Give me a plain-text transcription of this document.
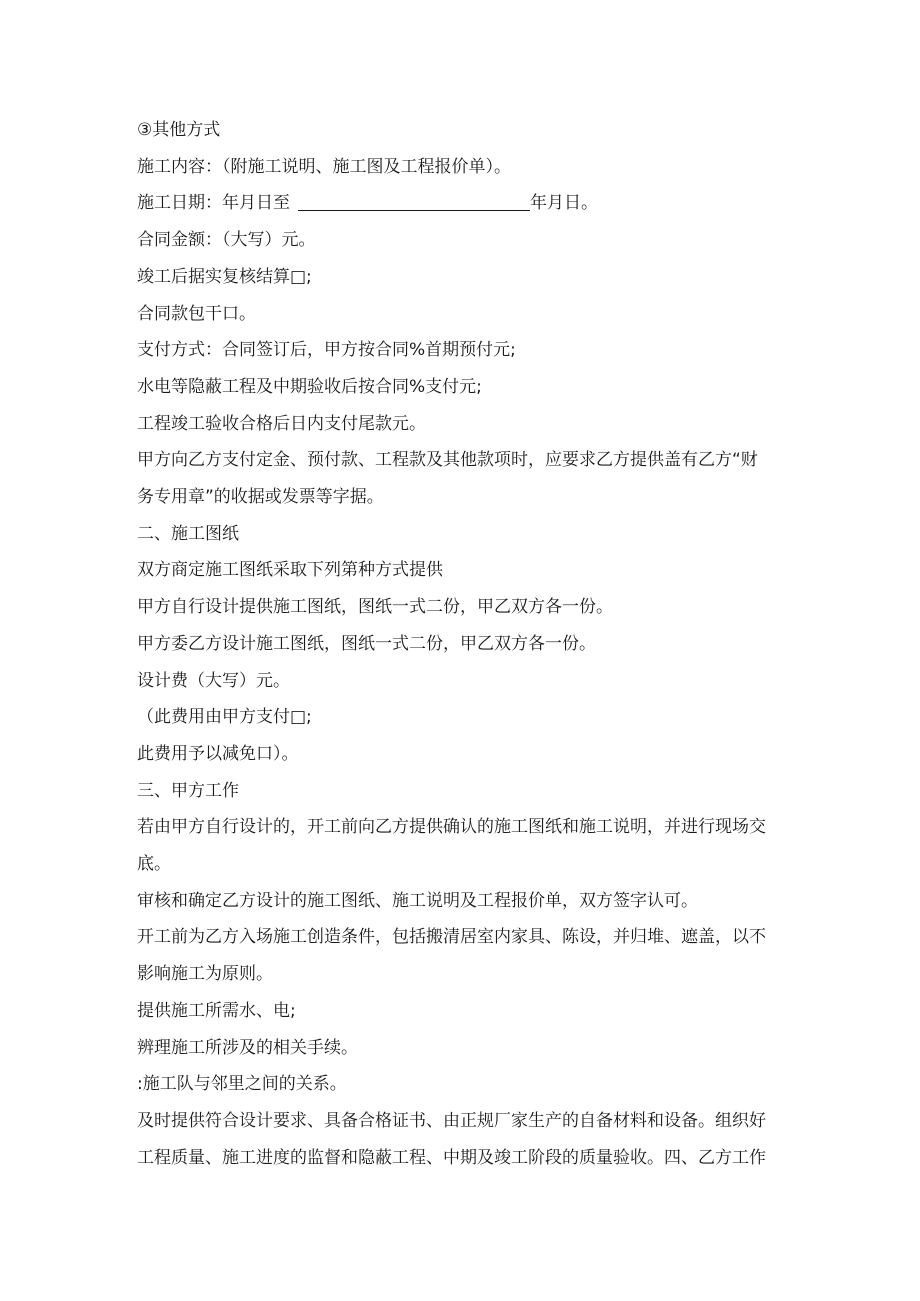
③其他方式
施工内容：（附施工说明、施工图及工程报价单）。
施工日期：年月日至	年月日。
合同金额：（大写）元。
竣工后据实复核结算□;
合同款包干口。
支付方式：合同签订后，甲方按合同%首期预付元;
水电等隐蔽工程及中期验收后按合同%支付元;
工程竣工验收合格后日内支付尾款元。
甲方向乙方支付定金、预付款、工程款及其他款项时，应要求乙方提供盖有乙方“财
务专用章”的收据或发票等字据。
二、施工图纸
双方商定施工图纸采取下列第种方式提供
甲方自行设计提供施工图纸，图纸一式二份，甲乙双方各一份。
甲方委乙方设计施工图纸，图纸一式二份，甲乙双方各一份。
设计费（大写）元。
（此费用由甲方支付□;
此费用予以减免口）。
三、甲方工作
若由甲方自行设计的，开工前向乙方提供确认的施工图纸和施工说明，并进行现场交
底。
审核和确定乙方设计的施工图纸、施工说明及工程报价单，双方签字认可。
开工前为乙方入场施工创造条件，包括搬清居室内家具、陈设，并归堆、遮盖，以不
影响施工为原则。
提供施工所需水、电;
辨理施工所涉及的相关手续。
:施工队与邻里之间的关系。
及时提供符合设计要求、具备合格证书、由正规厂家生产的自备材料和设备。组织好
工程质量、施工进度的监督和隐蔽工程、中期及竣工阶段的质量验收。四、乙方工作
